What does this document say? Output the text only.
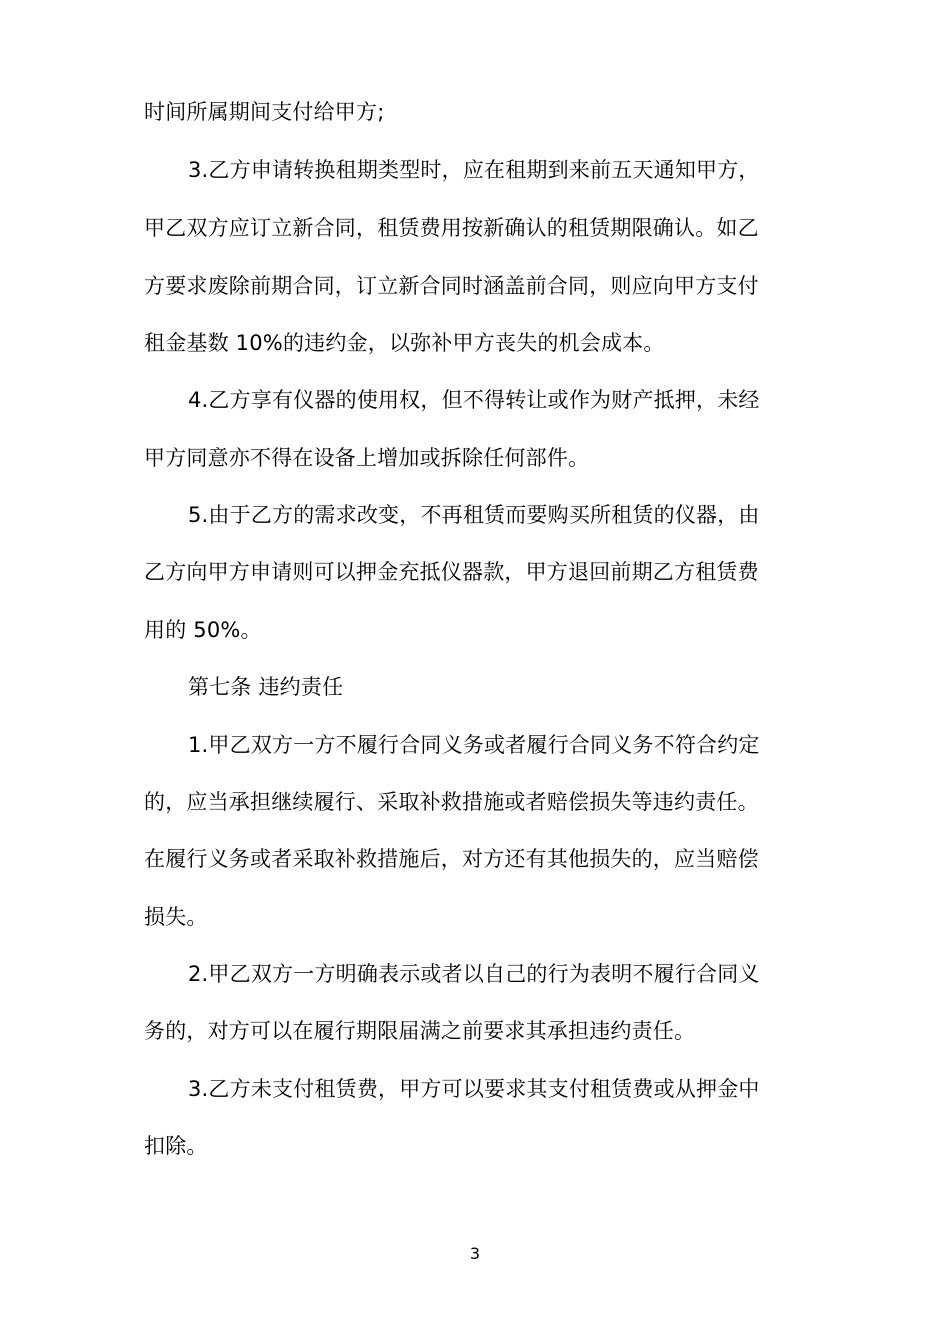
时间所属期间支付给甲方;
3.乙方申请转换租期类型时，应在租期到来前五天通知甲方，
甲乙双方应订立新合同，租赁费用按新确认的租赁期限确认。如乙
方要求废除前期合同，订立新合同时涵盖前合同，则应向甲方支付
租金基数 10%的违约金，以弥补甲方丧失的机会成本。
4.乙方享有仪器的使用权，但不得转让或作为财产抵押，未经
甲方同意亦不得在设备上增加或拆除任何部件。
5.由于乙方的需求改变，不再租赁而要购买所租赁的仪器，由
乙方向甲方申请则可以押金充抵仪器款，甲方退回前期乙方租赁费
用的 50%。
第七条 违约责任
1.甲乙双方一方不履行合同义务或者履行合同义务不符合约定
的，应当承担继续履行、采取补救措施或者赔偿损失等违约责任。
在履行义务或者采取补救措施后，对方还有其他损失的，应当赔偿
损失。
2.甲乙双方一方明确表示或者以自己的行为表明不履行合同义
务的，对方可以在履行期限届满之前要求其承担违约责任。
3.乙方未支付租赁费，甲方可以要求其支付租赁费或从押金中
扣除。
3
